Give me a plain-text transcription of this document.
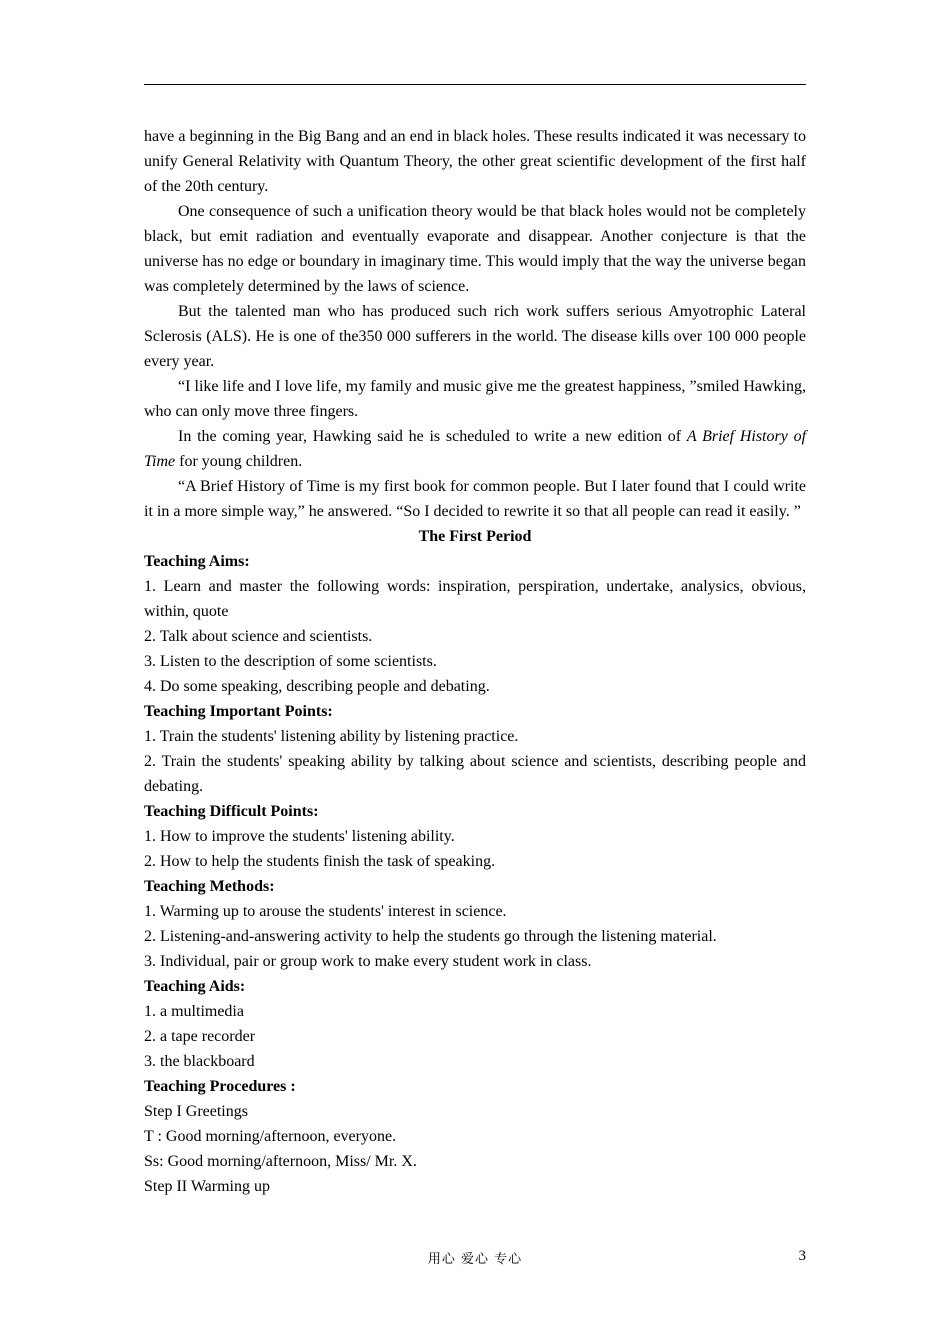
have a beginning in the Big Bang and an end in black holes. These results indicated it was necessary to unify General Relativity with Quantum Theory, the other great scientific development of the first half of the 20th century.

One consequence of such a unification theory would be that black holes would not be completely black, but emit radiation and eventually evaporate and disappear. Another conjecture is that the universe has no edge or boundary in imaginary time. This would imply that the way the universe began was completely determined by the laws of science.

But the talented man who has produced such rich work suffers serious Amyotrophic Lateral Sclerosis (ALS). He is one of the350 000 sufferers in the world. The disease kills over 100 000 people every year.

“I like life and I love life, my family and music give me the greatest happiness, ”smiled Hawking, who can only move three fingers.

In the coming year, Hawking said he is scheduled to write a new edition of A Brief History of Time for young children.

“A Brief History of Time is my first book for common people. But I later found that I could write it in a more simple way,” he answered. “So I decided to rewrite it so that all people can read it easily. ”

The First Period

Teaching Aims:

1. Learn and master the following words: inspiration, perspiration, undertake, analysics, obvious, within, quote

2. Talk about science and scientists.

3. Listen to the description of some scientists.

4. Do some speaking, describing people and debating.

Teaching Important Points:

1. Train the students' listening ability by listening practice.

2. Train the students' speaking ability by talking about science and scientists, describing people and debating.

Teaching Difficult Points:

1. How to improve the students' listening ability.

2. How to help the students finish the task of speaking.

Teaching Methods:

1. Warming up to arouse the students' interest in science.

2. Listening-and-answering activity to help the students go through the listening material.

3. Individual, pair or group work to make every student work in class.

Teaching Aids:

1. a multimedia

2. a tape recorder

3. the blackboard

Teaching Procedures :

Step I Greetings

T : Good morning/afternoon, everyone.

Ss: Good morning/afternoon, Miss/ Mr. X.

Step II Warming up

用心 爱心 专心	3
